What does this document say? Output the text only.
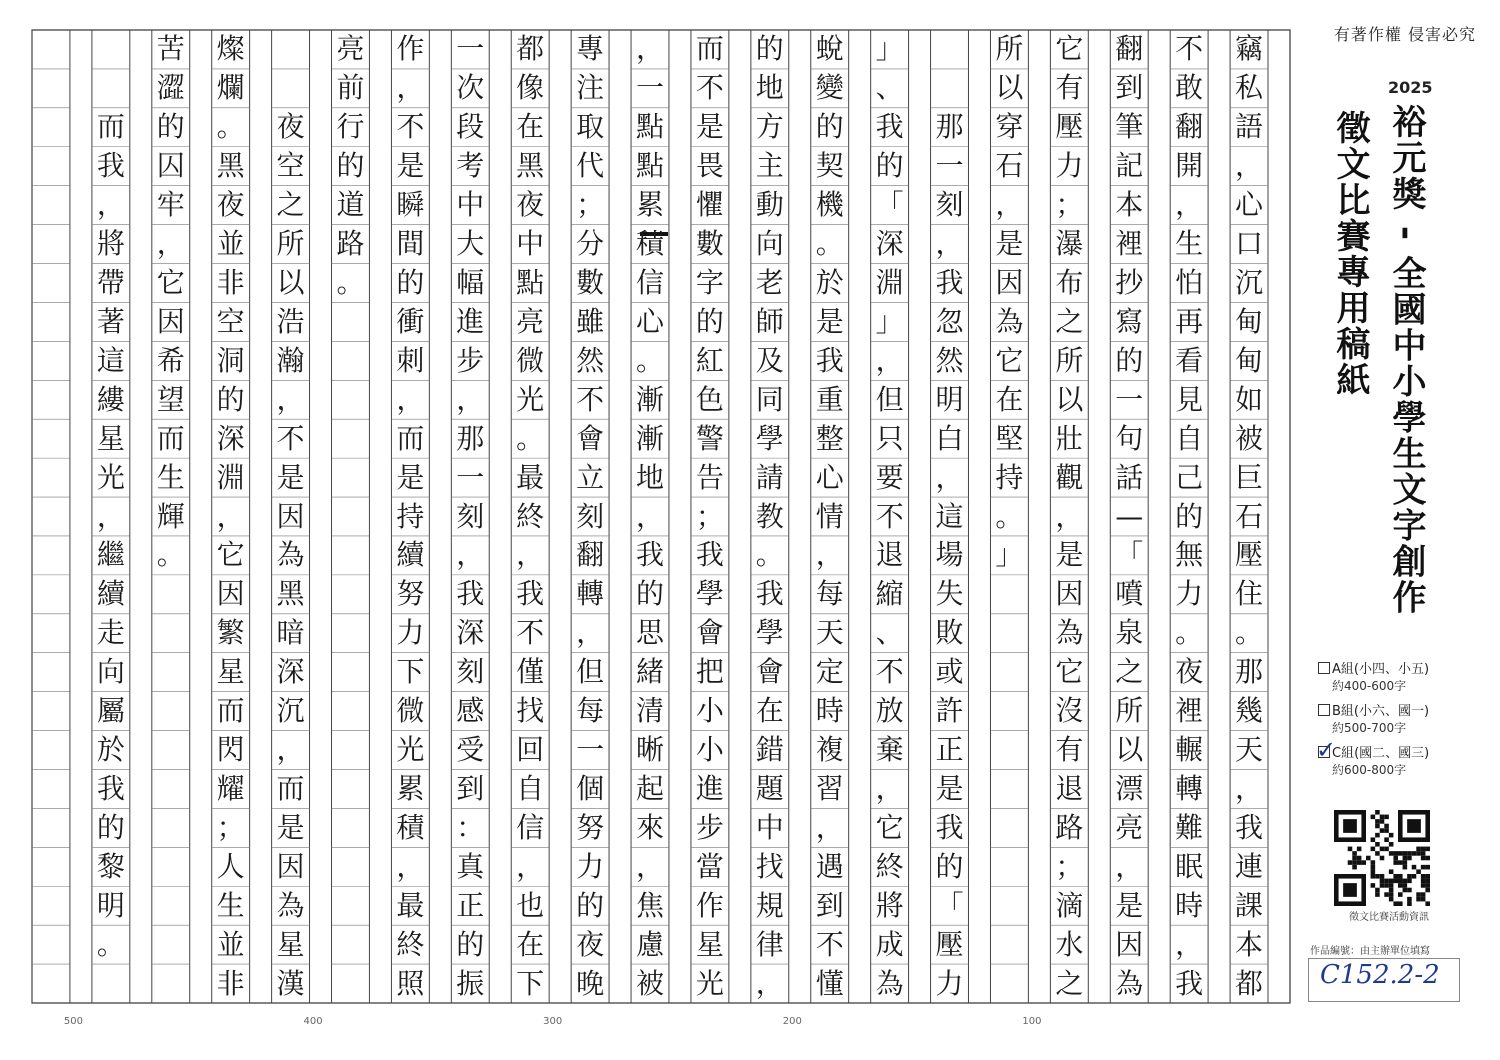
有著作權 侵害必究
2025
裕元獎 - 全國中小學生文字創作
徵文比賽專用稿紙
A組(小四、小五)
約400-600字
B組(小六、國一)
約500-700字
C組(國二、國三)
約600-800字
✓
徵文比賽活動資訊
作品編號：由主辦單位填寫
C152.2-2
500	400	300	200	100
竊
私
語
，
心
口
沉
甸
甸
如
被
巨
石
壓
住
。
那
幾
天
，
我
連
課
本
都
不
敢
翻
開
，
生
怕
再
看
見
自
己
的
無
力
。
夜
裡
輾
轉
難
眠
時
，
我
翻
到
筆
記
本
裡
抄
寫
的
一
句
話
—
「
噴
泉
之
所
以
漂
亮
，
是
因
為
它
有
壓
力
；
瀑
布
之
所
以
壯
觀
，
是
因
為
它
沒
有
退
路
；
滴
水
之
所
以
穿
石
，
是
因
為
它
在
堅
持
。
」

那
一
刻
，
我
忽
然
明
白
，
這
場
失
敗
或
許
正
是
我
的
「
壓
力
」
、
我
的
「
深
淵
」
，
但
只
要
不
退
縮
、
不
放
棄
，
它
終
將
成
為
蛻
變
的
契
機
。
於
是
我
重
整
心
情
，
每
天
定
時
複
習
，
遇
到
不
懂
的
地
方
主
動
向
老
師
及
同
學
請
教
。
我
學
會
在
錯
題
中
找
規
律
，
而
不
是
畏
懼
數
字
的
紅
色
警
告
；
我
學
會
把
小
小
進
步
當
作
星
光
，
一
點
點
累
積
信
心
。
漸
漸
地
，
我
的
思
緒
清
晰
起
來
，
焦
慮
被
專
注
取
代
；
分
數
雖
然
不
會
立
刻
翻
轉
，
但
每
一
個
努
力
的
夜
晚
都
像
在
黑
夜
中
點
亮
微
光
。
最
終
，
我
不
僅
找
回
自
信
，
也
在
下
一
次
段
考
中
大
幅
進
步
，
那
一
刻
，
我
深
刻
感
受
到
：
真
正
的
振
作
，
不
是
瞬
間
的
衝
刺
，
而
是
持
續
努
力
下
微
光
累
積
，
最
終
照
亮
前
行
的
道
路
。

夜
空
之
所
以
浩
瀚
，
不
是
因
為
黑
暗
深
沉
，
而
是
因
為
星
漢
燦
爛
。
黑
夜
並
非
空
洞
的
深
淵
，
它
因
繁
星
而
閃
耀
；
人
生
並
非
苦
澀
的
囚
牢
，
它
因
希
望
而
生
輝
。

而
我
，
將
帶
著
這
縷
星
光
，
繼
續
走
向
屬
於
我
的
黎
明
。
